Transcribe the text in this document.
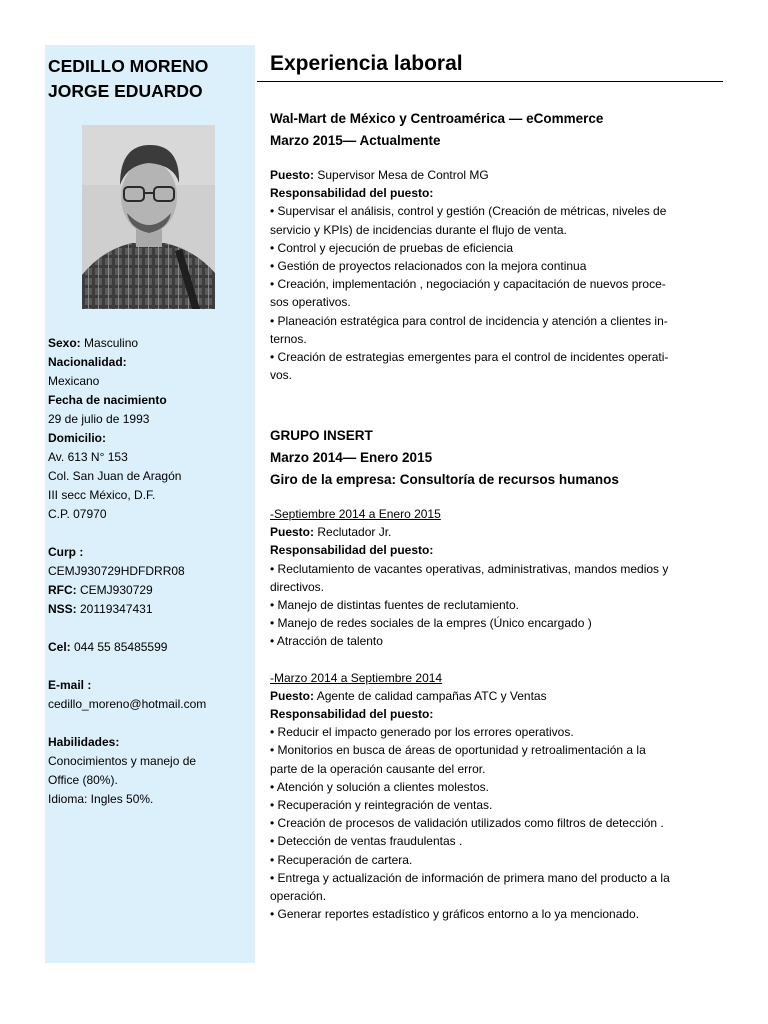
CEDILLO MORENO
JORGE EDUARDO
Sexo: Masculino
Nacionalidad:
Mexicano
Fecha de nacimiento
29 de julio de 1993
Domicilio:
Av. 613 N° 153
Col. San Juan de Aragón
III secc México, D.F.
C.P. 07970
Curp :
CEMJ930729HDFDRR08
RFC: CEMJ930729
NSS: 20119347431
Cel: 044 55 85485599
E-mail :
cedillo_moreno@hotmail.com
Habilidades:
Conocimientos y manejo de
Office (80%).
Idioma: Ingles 50%.
Experiencia laboral
Wal-Mart de México y Centroamérica — eCommerce
Marzo 2015— Actualmente
Puesto: Supervisor Mesa de Control MG
Responsabilidad del puesto:
• Supervisar el análisis, control y gestión (Creación de métricas, niveles de
servicio y KPIs) de incidencias durante el flujo de venta.
• Control y ejecución de pruebas de eficiencia
• Gestión de proyectos relacionados con la mejora continua
• Creación, implementación , negociación y capacitación de nuevos proce-
sos operativos.
• Planeación estratégica para control de incidencia y atención a clientes in-
ternos.
• Creación de estrategias emergentes para el control de incidentes operati-
vos.
GRUPO INSERT
Marzo 2014— Enero 2015
Giro de la empresa: Consultoría de recursos humanos
-Septiembre 2014 a Enero 2015
Puesto: Reclutador Jr.
Responsabilidad del puesto:
• Reclutamiento de vacantes operativas, administrativas, mandos medios y
directivos.
• Manejo de distintas fuentes de reclutamiento.
• Manejo de redes sociales de la empres (Único encargado )
• Atracción de talento
-Marzo 2014 a Septiembre 2014
Puesto: Agente de calidad campañas ATC y Ventas
Responsabilidad del puesto:
• Reducir el impacto generado por los errores operativos.
• Monitorios en busca de áreas de oportunidad y retroalimentación a la
parte de la operación causante del error.
• Atención y solución a clientes molestos.
• Recuperación y reintegración de ventas.
• Creación de procesos de validación utilizados como filtros de detección .
• Detección de ventas fraudulentas .
• Recuperación de cartera.
• Entrega y actualización de información de primera mano del producto a la
operación.
• Generar reportes estadístico y gráficos entorno a lo ya mencionado.
